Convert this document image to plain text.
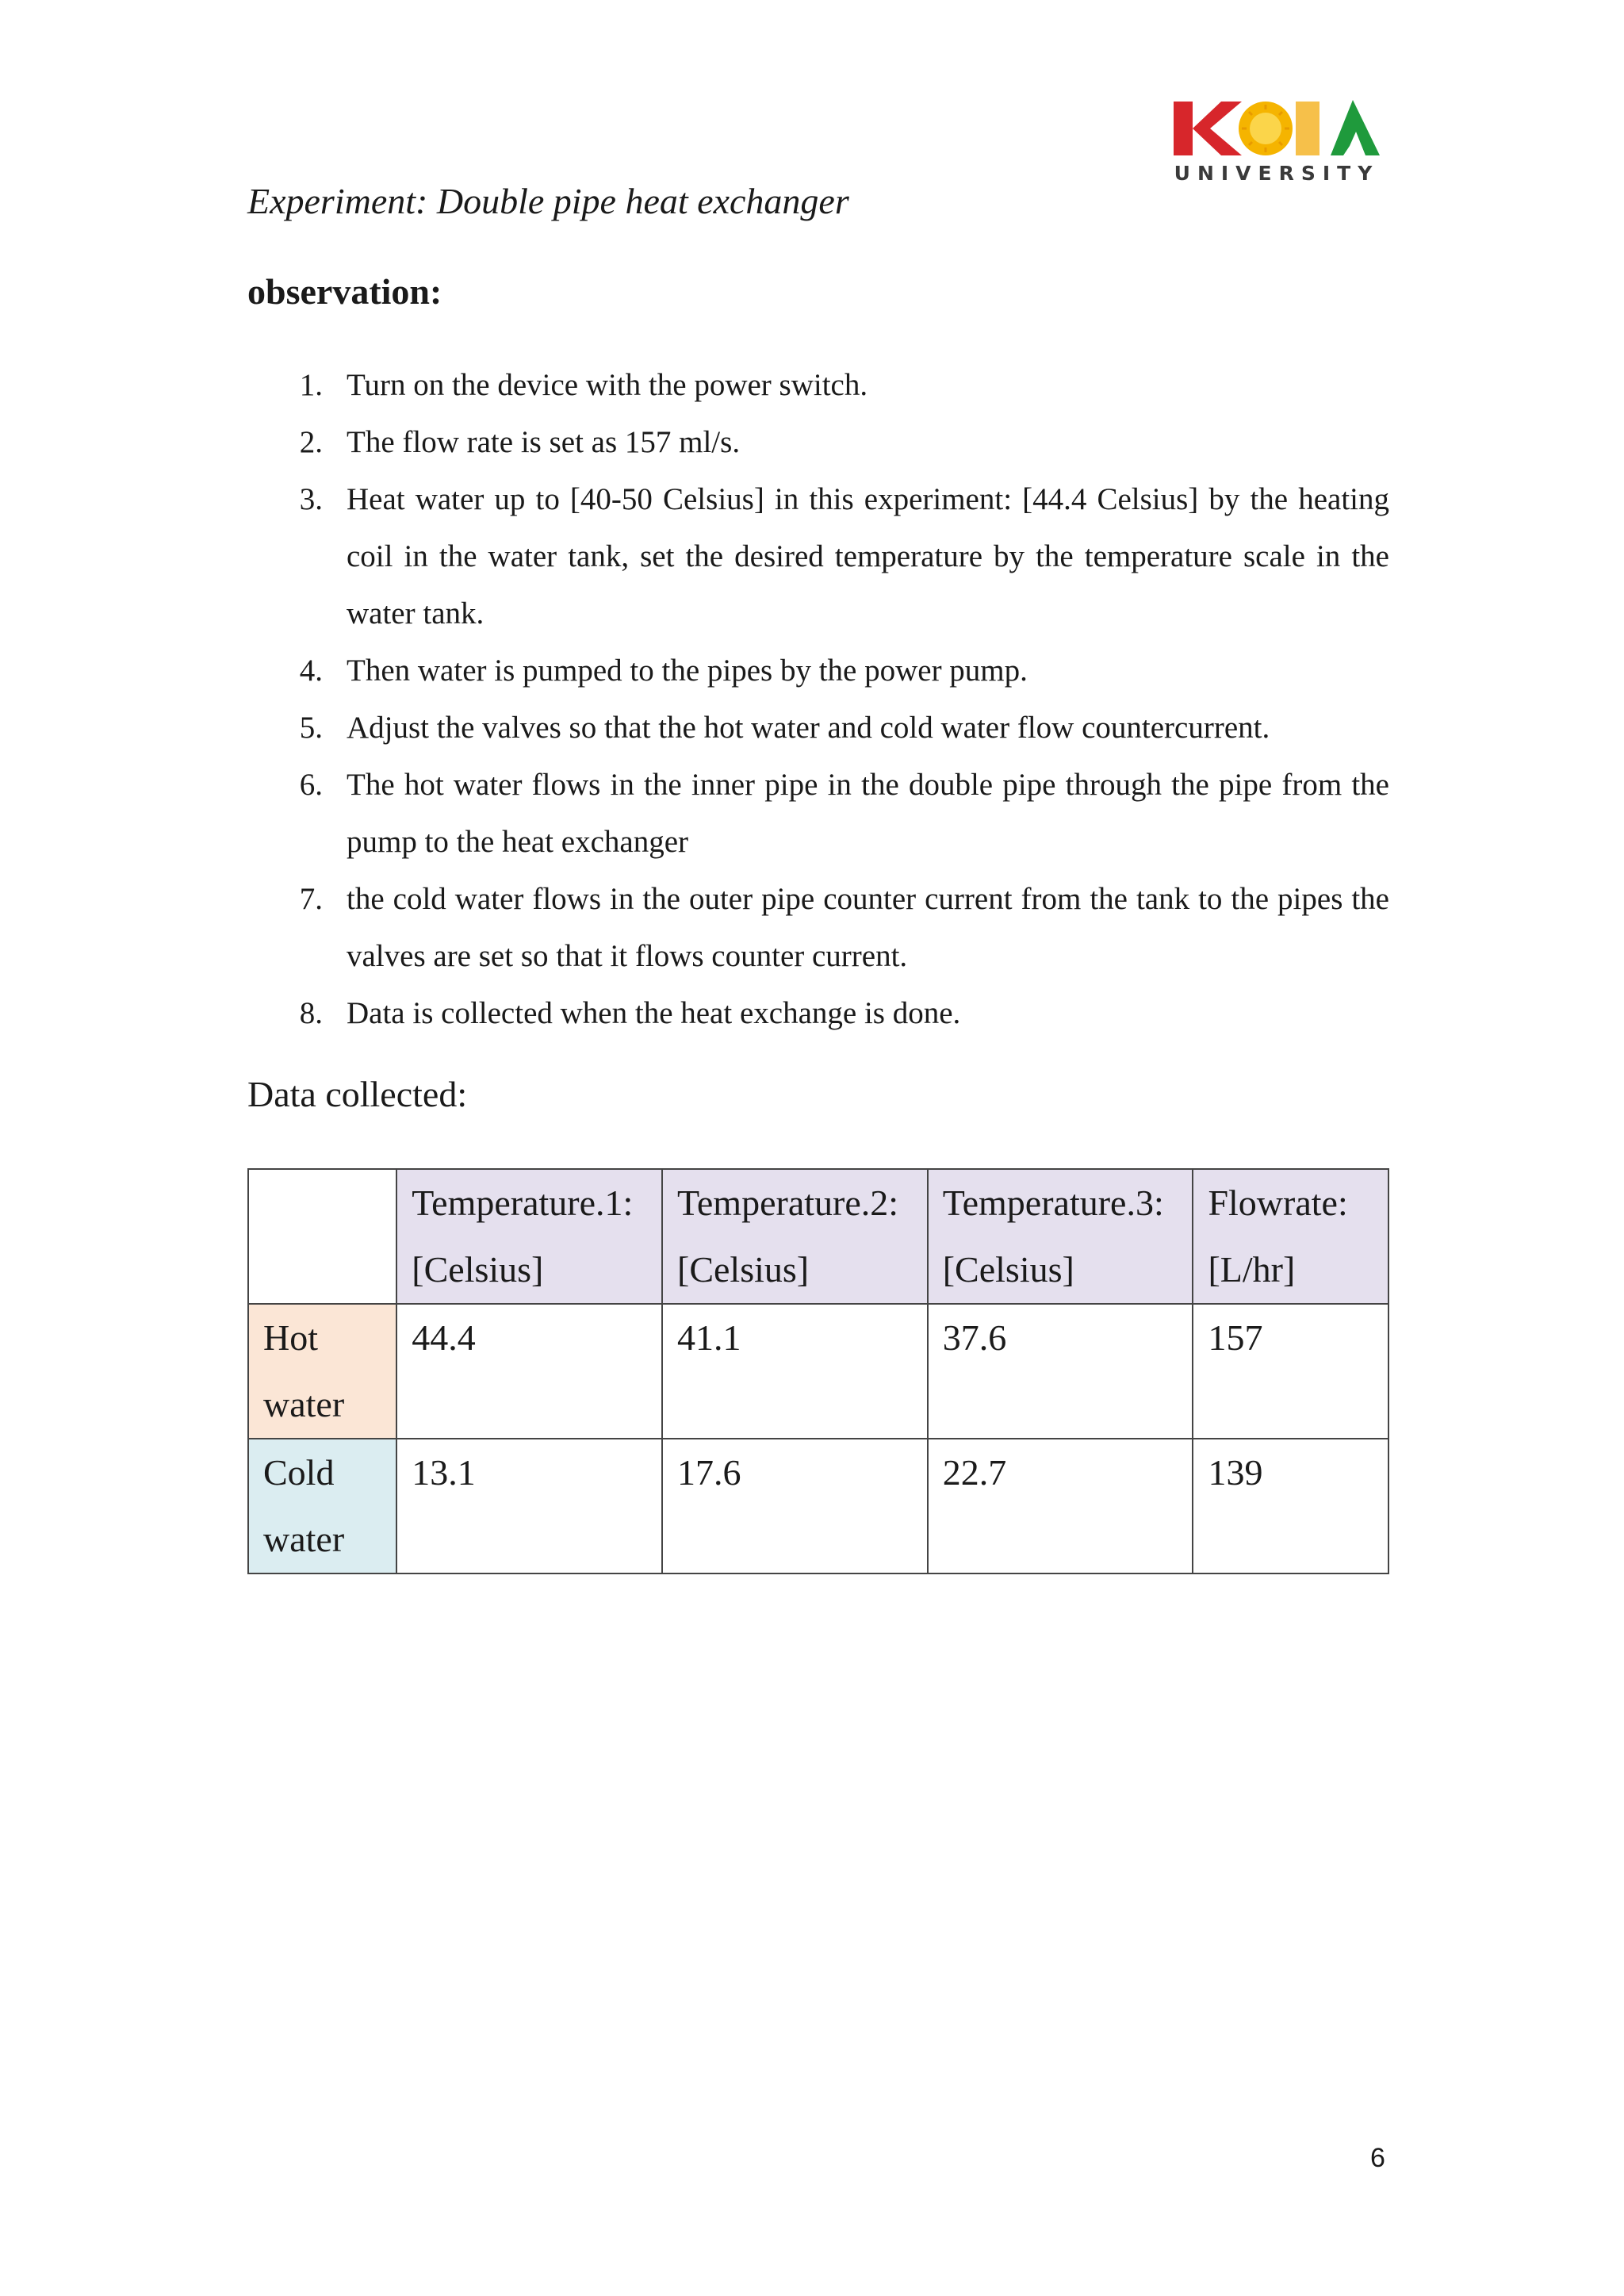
UNIVERSITY
Experiment: Double pipe heat exchanger
observation:
1. Turn on the device with the power switch.
2. The flow rate is set as 157 ml/s.
3. Heat water up to [40-50 Celsius] in this experiment: [44.4 Celsius] by the heating coil in the water tank, set the desired temperature by the temperature scale in the water tank.
4. Then water is pumped to the pipes by the power pump.
5. Adjust the valves so that the hot water and cold water flow countercurrent.
6. The hot water flows in the inner pipe in the double pipe through the pipe from the pump to the heat exchanger
7. the cold water flows in the outer pipe counter current from the tank to the pipes the valves are set so that it flows counter current.
8. Data is collected when the heat exchange is done.
Data collected:
	Temperature.1:
[Celsius]	Temperature.2:
[Celsius]	Temperature.3:
[Celsius]	Flowrate:
[L/hr]
Hot
water	44.4	41.1	37.6	157
Cold
water	13.1	17.6	22.7	139
6
